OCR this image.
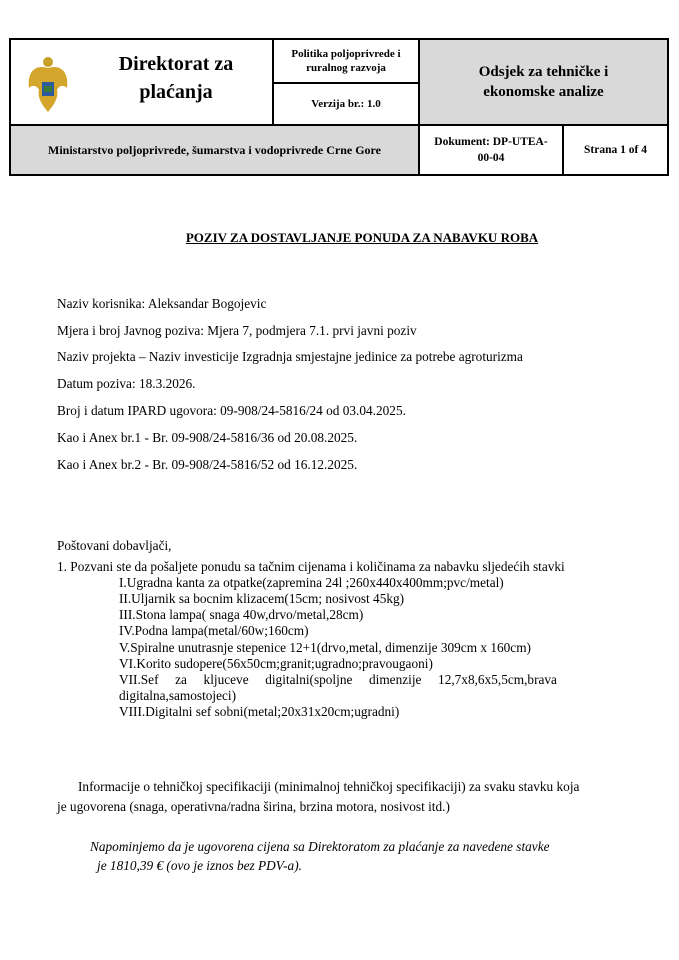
Direktorat za plaćanja
Politika poljoprivrede i ruralnog razvoja
Verzija br.: 1.0
Odsjek za tehničke i ekonomske analize
Ministarstvo poljoprivrede, šumarstva i vodoprivrede Crne Gore
Dokument: DP-UTEA-00-04
Strana 1 of 4
POZIV ZA DOSTAVLJANJE PONUDA ZA NABAVKU ROBA
Naziv korisnika: Aleksandar Bogojevic
Mjera i broj Javnog poziva: Mjera 7, podmjera 7.1. prvi javni poziv
Naziv projekta – Naziv investicije Izgradnja smjestajne jedinice za potrebe agroturizma
Datum poziva: 18.3.2026.
Broj i datum IPARD ugovora: 09-908/24-5816/24 od 03.04.2025.
Kao i Anex br.1 - Br. 09-908/24-5816/36 od 20.08.2025.
Kao i Anex br.2 - Br. 09-908/24-5816/52 od 16.12.2025.
Poštovani dobavljači,
1. Pozvani ste da pošaljete ponudu sa tačnim cijenama i količinama za nabavku sljedećih stavki
I.Ugradna kanta za otpatke(zapremina 24l ;260x440x400mm;pvc/metal)
II.Uljarnik sa bocnim klizacem(15cm; nosivost 45kg)
III.Stona lampa( snaga 40w,drvo/metal,28cm)
IV.Podna lampa(metal/60w;160cm)
V.Spiralne unutrasnje stepenice 12+1(drvo,metal, dimenzije 309cm x 160cm)
VI.Korito sudopere(56x50cm;granit;ugradno;pravougaoni)
VII.Sef     za     kljuceve     digitalni(spoljne     dimenzije     12,7x8,6x5,5cm,brava
digitalna,samostojeci)
VIII.Digitalni sef sobni(metal;20x31x20cm;ugradni)
Informacije o tehničkoj specifikaciji (minimalnoj tehničkoj specifikaciji) za svaku stavku koja
je ugovorena (snaga, operativna/radna širina, brzina motora, nosivost itd.)
Napominjemo da je ugovorena cijena sa Direktoratom za plaćanje za navedene stavke
je 1810,39 € (ovo je iznos bez PDV-a).
